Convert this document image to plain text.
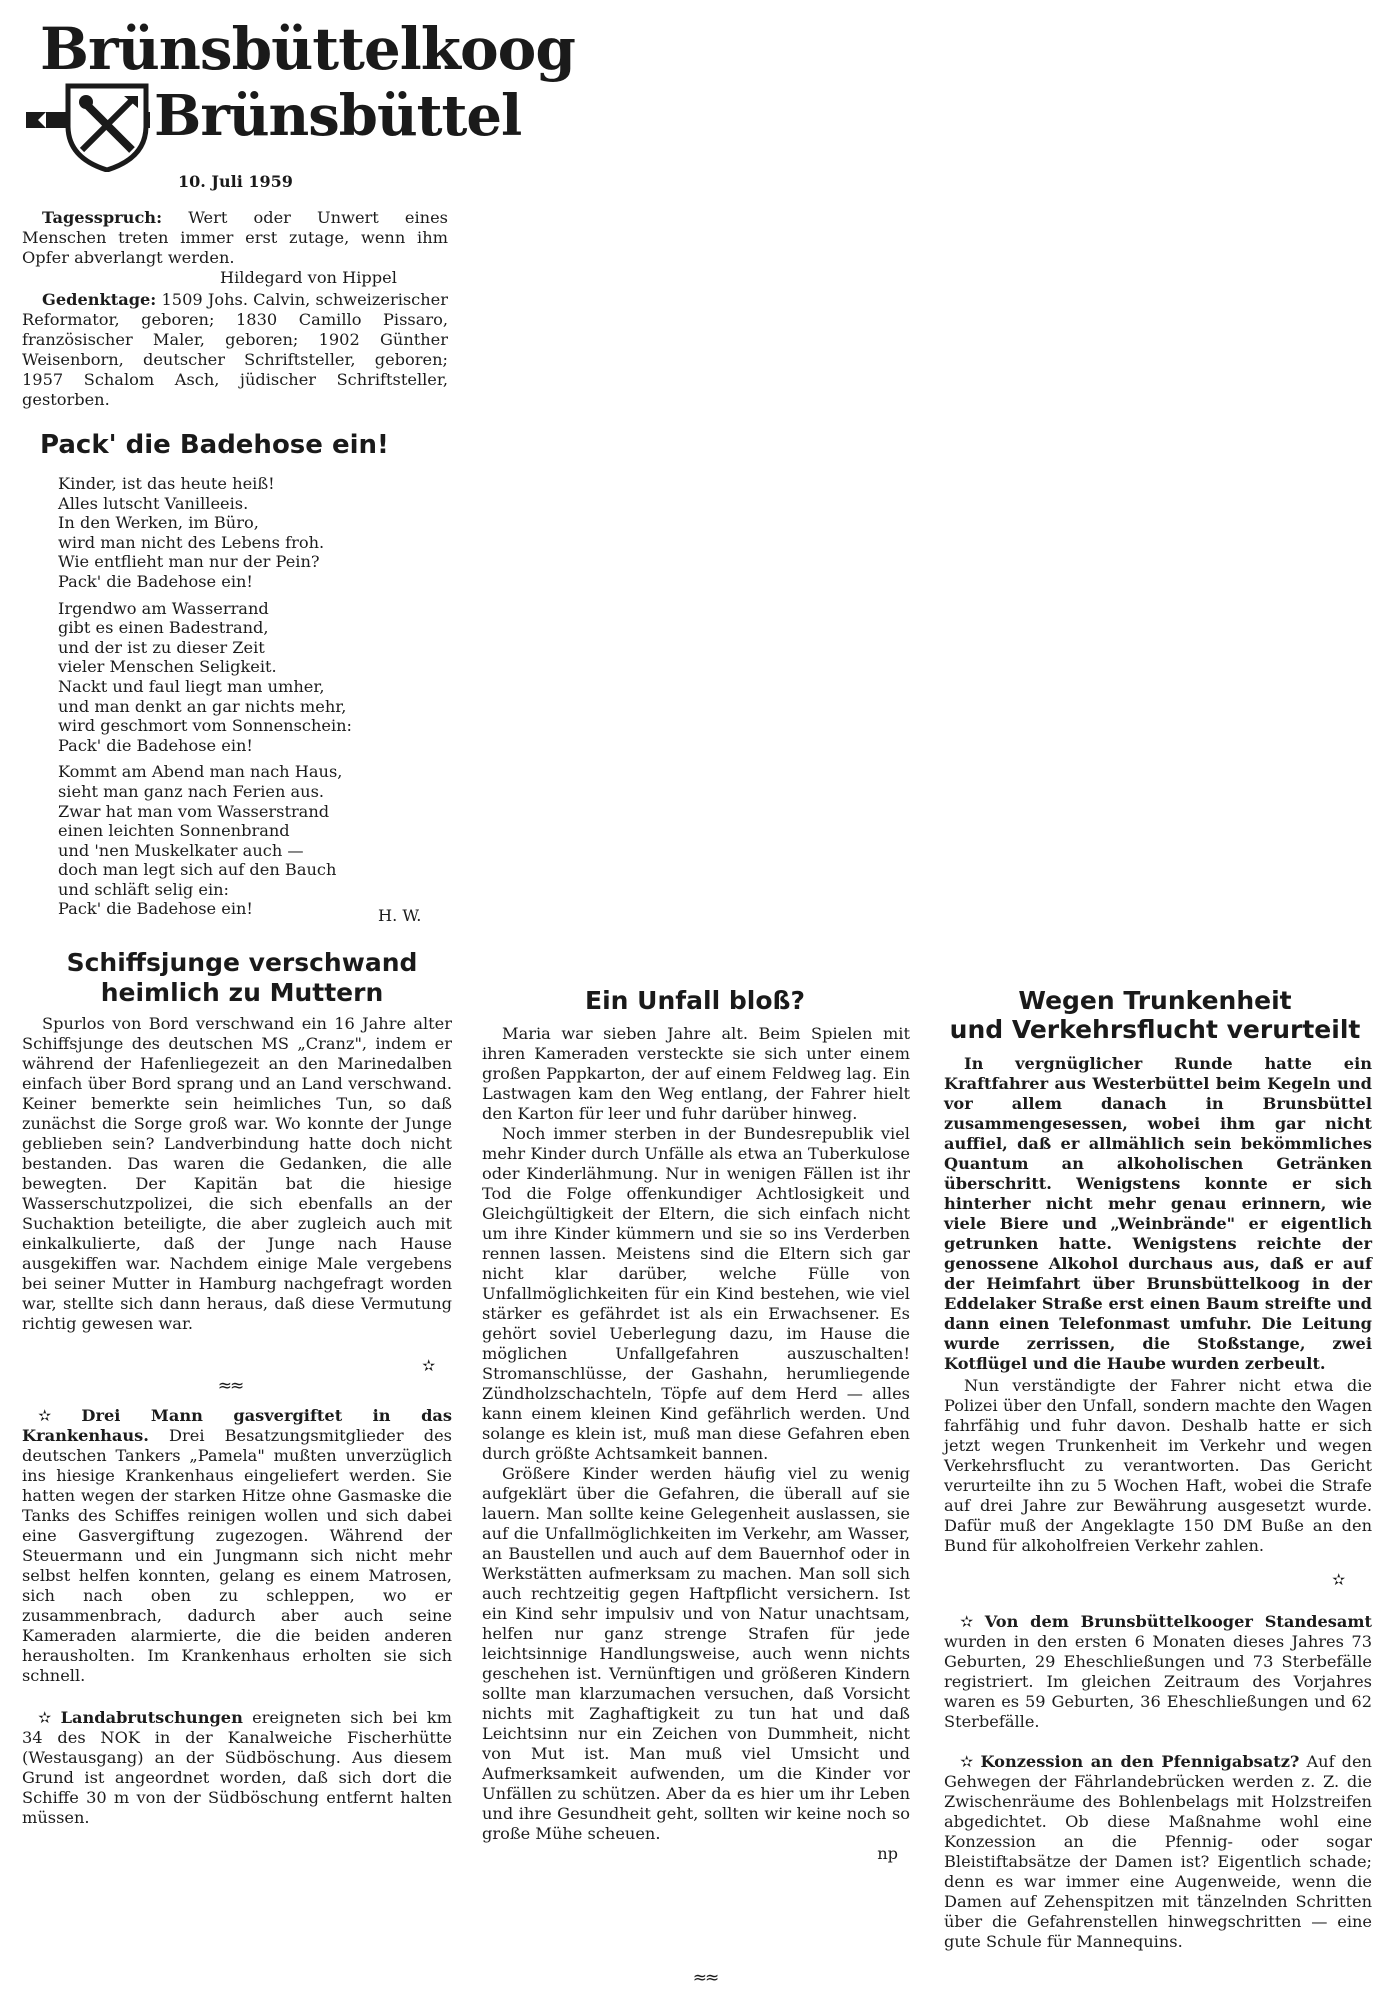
Brünsbüttelkoog
Brünsbüttel
10. Juli 1959
Tagesspruch: Wert oder Unwert eines Menschen treten immer erst zutage, wenn ihm Opfer abverlangt werden.
Hildegard von Hippel
Gedenktage: 1509 Johs. Calvin, schweizerischer Reformator, geboren; 1830 Camillo Pissaro, französischer Maler, geboren; 1902 Günther Weisenborn, deutscher Schriftsteller, geboren; 1957 Schalom Asch, jüdischer Schriftsteller, gestorben.
Pack' die Badehose ein!
Kinder, ist das heute heiß!
Alles lutscht Vanilleeis.
In den Werken, im Büro,
wird man nicht des Lebens froh.
Wie entflieht man nur der Pein?
Pack' die Badehose ein!
Irgendwo am Wasserrand
gibt es einen Badestrand,
und der ist zu dieser Zeit
vieler Menschen Seligkeit.
Nackt und faul liegt man umher,
und man denkt an gar nichts mehr,
wird geschmort vom Sonnenschein:
Pack' die Badehose ein!
Kommt am Abend man nach Haus,
sieht man ganz nach Ferien aus.
Zwar hat man vom Wasserstrand
einen leichten Sonnenbrand
und 'nen Muskelkater auch —
doch man legt sich auf den Bauch
und schläft selig ein:
Pack' die Badehose ein!	H. W.
Schiffsjunge verschwand
heimlich zu Muttern
Spurlos von Bord verschwand ein 16 Jahre alter Schiffsjunge des deutschen MS „Cranz", indem er während der Hafenliegezeit an den Marinedalben einfach über Bord sprang und an Land verschwand. Keiner bemerkte sein heimliches Tun, so daß zunächst die Sorge groß war. Wo konnte der Junge geblieben sein? Landverbindung hatte doch nicht bestanden. Das waren die Gedanken, die alle bewegten. Der Kapitän bat die hiesige Wasserschutzpolizei, die sich ebenfalls an der Suchaktion beteiligte, die aber zugleich auch mit einkalkulierte, daß der Junge nach Hause ausgekiffen war. Nachdem einige Male vergebens bei seiner Mutter in Hamburg nachgefragt worden war, stellte sich dann heraus, daß diese Vermutung richtig gewesen war.
✫
≈≈
✫ Drei Mann gasvergiftet in das Krankenhaus. Drei Besatzungsmitglieder des deutschen Tankers „Pamela" mußten unverzüglich ins hiesige Krankenhaus eingeliefert werden. Sie hatten wegen der starken Hitze ohne Gasmaske die Tanks des Schiffes reinigen wollen und sich dabei eine Gasvergiftung zugezogen. Während der Steuermann und ein Jungmann sich nicht mehr selbst helfen konnten, gelang es einem Matrosen, sich nach oben zu schleppen, wo er zusammenbrach, dadurch aber auch seine Kameraden alarmierte, die die beiden anderen herausholten. Im Krankenhaus erholten sie sich schnell.
✫ Landabrutschungen ereigneten sich bei km 34 des NOK in der Kanalweiche Fischerhütte (Westausgang) an der Südböschung. Aus diesem Grund ist angeordnet worden, daß sich dort die Schiffe 30 m von der Südböschung entfernt halten müssen.
Ein Unfall bloß?
Maria war sieben Jahre alt. Beim Spielen mit ihren Kameraden versteckte sie sich unter einem großen Pappkarton, der auf einem Feldweg lag. Ein Lastwagen kam den Weg entlang, der Fahrer hielt den Karton für leer und fuhr darüber hinweg.
Noch immer sterben in der Bundesrepublik viel mehr Kinder durch Unfälle als etwa an Tuberkulose oder Kinderlähmung. Nur in wenigen Fällen ist ihr Tod die Folge offenkundiger Achtlosigkeit und Gleichgültigkeit der Eltern, die sich einfach nicht um ihre Kinder kümmern und sie so ins Verderben rennen lassen. Meistens sind die Eltern sich gar nicht klar darüber, welche Fülle von Unfallmöglichkeiten für ein Kind bestehen, wie viel stärker es gefährdet ist als ein Erwachsener. Es gehört soviel Ueberlegung dazu, im Hause die möglichen Unfallgefahren auszuschalten! Stromanschlüsse, der Gashahn, herumliegende Zündholzschachteln, Töpfe auf dem Herd — alles kann einem kleinen Kind gefährlich werden. Und solange es klein ist, muß man diese Gefahren eben durch größte Achtsamkeit bannen.
Größere Kinder werden häufig viel zu wenig aufgeklärt über die Gefahren, die überall auf sie lauern. Man sollte keine Gelegenheit auslassen, sie auf die Unfallmöglichkeiten im Verkehr, am Wasser, an Baustellen und auch auf dem Bauernhof oder in Werkstätten aufmerksam zu machen. Man soll sich auch rechtzeitig gegen Haftpflicht versichern. Ist ein Kind sehr impulsiv und von Natur unachtsam, helfen nur ganz strenge Strafen für jede leichtsinnige Handlungsweise, auch wenn nichts geschehen ist. Vernünftigen und größeren Kindern sollte man klarzumachen versuchen, daß Vorsicht nichts mit Zaghaftigkeit zu tun hat und daß Leichtsinn nur ein Zeichen von Dummheit, nicht von Mut ist. Man muß viel Umsicht und Aufmerksamkeit aufwenden, um die Kinder vor Unfällen zu schützen. Aber da es hier um ihr Leben und ihre Gesundheit geht, sollten wir keine noch so große Mühe scheuen.
np
≈≈
Wegen Trunkenheit
und Verkehrsflucht verurteilt
In vergnüglicher Runde hatte ein Kraftfahrer aus Westerbüttel beim Kegeln und vor allem danach in Brunsbüttel zusammengesessen, wobei ihm gar nicht auffiel, daß er allmählich sein bekömmliches Quantum an alkoholischen Getränken überschritt. Wenigstens konnte er sich hinterher nicht mehr genau erinnern, wie viele Biere und „Weinbrände" er eigentlich getrunken hatte. Wenigstens reichte der genossene Alkohol durchaus aus, daß er auf der Heimfahrt über Brunsbüttelkoog in der Eddelaker Straße erst einen Baum streifte und dann einen Telefonmast umfuhr. Die Leitung wurde zerrissen, die Stoßstange, zwei Kotflügel und die Haube wurden zerbeult.
Nun verständigte der Fahrer nicht etwa die Polizei über den Unfall, sondern machte den Wagen fahrfähig und fuhr davon. Deshalb hatte er sich jetzt wegen Trunkenheit im Verkehr und wegen Verkehrsflucht zu verantworten. Das Gericht verurteilte ihn zu 5 Wochen Haft, wobei die Strafe auf drei Jahre zur Bewährung ausgesetzt wurde. Dafür muß der Angeklagte 150 DM Buße an den Bund für alkoholfreien Verkehr zahlen.
✫
✫ Von dem Brunsbüttelkooger Standesamt wurden in den ersten 6 Monaten dieses Jahres 73 Geburten, 29 Eheschließungen und 73 Sterbefälle registriert. Im gleichen Zeitraum des Vorjahres waren es 59 Geburten, 36 Eheschließungen und 62 Sterbefälle.
✫ Konzession an den Pfennigabsatz? Auf den Gehwegen der Fährlandebrücken werden z. Z. die Zwischenräume des Bohlenbelags mit Holzstreifen abgedichtet. Ob diese Maßnahme wohl eine Konzession an die Pfennig- oder sogar Bleistiftabsätze der Damen ist? Eigentlich schade; denn es war immer eine Augenweide, wenn die Damen auf Zehenspitzen mit tänzelnden Schritten über die Gefahrenstellen hinwegschritten — eine gute Schule für Mannequins.
